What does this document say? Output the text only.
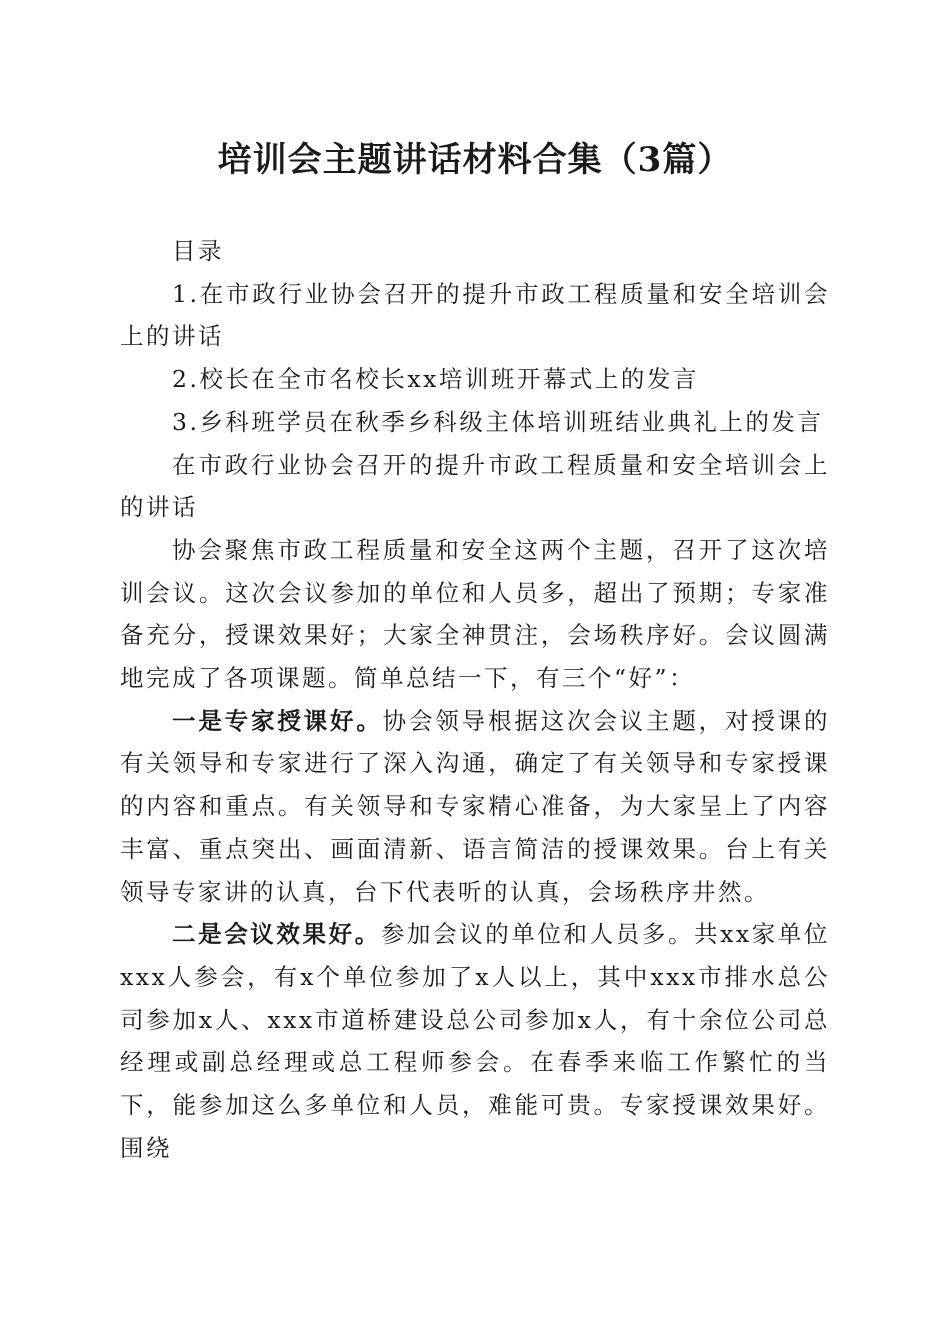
培训会主题讲话材料合集（3篇）

目录

1.在市政行业协会召开的提升市政工程质量和安全培训会上的讲话

2.校长在全市名校长xx培训班开幕式上的发言

3.乡科班学员在秋季乡科级主体培训班结业典礼上的发言

在市政行业协会召开的提升市政工程质量和安全培训会上的讲话

协会聚焦市政工程质量和安全这两个主题，召开了这次培训会议。这次会议参加的单位和人员多，超出了预期；专家准备充分，授课效果好；大家全神贯注，会场秩序好。会议圆满地完成了各项课题。简单总结一下，有三个“好”：

一是专家授课好。协会领导根据这次会议主题，对授课的有关领导和专家进行了深入沟通，确定了有关领导和专家授课的内容和重点。有关领导和专家精心准备，为大家呈上了内容丰富、重点突出、画面清新、语言简洁的授课效果。台上有关领导专家讲的认真，台下代表听的认真，会场秩序井然。

二是会议效果好。参加会议的单位和人员多。共xx家单位xxx人参会，有x个单位参加了x人以上，其中xxx市排水总公司参加x人、xxx市道桥建设总公司参加x人，有十余位公司总经理或副总经理或总工程师参会。在春季来临工作繁忙的当下，能参加这么多单位和人员，难能可贵。专家授课效果好。围绕
